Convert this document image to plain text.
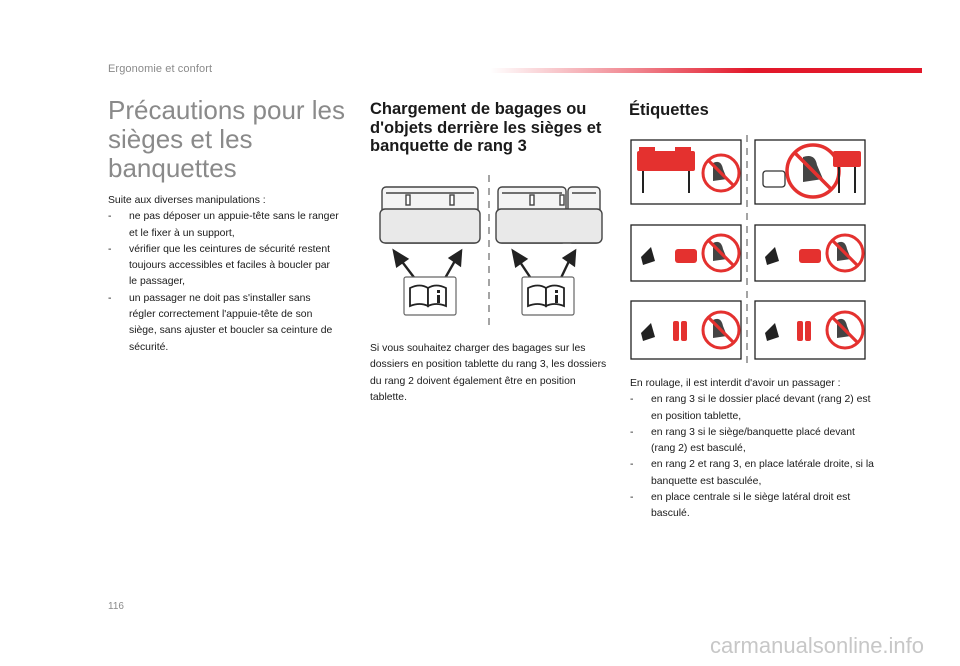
Ergonomie et confort
Précautions pour les sièges et les banquettes

Suite aux diverses manipulations :

- ne pas déposer un appuie-tête sans le ranger et le fixer à un support,
- vérifier que les ceintures de sécurité restent toujours accessibles et faciles à boucler par le passager,
- un passager ne doit pas s'installer sans régler correctement l'appuie-tête de son siège, sans ajuster et boucler sa ceinture de sécurité.
Chargement de bagages ou d'objets derrière les sièges et banquette de rang 3

Si vous souhaitez charger des bagages sur les dossiers en position tablette du rang 3, les dossiers du rang 2 doivent également être en position tablette.

Étiquettes

En roulage, il est interdit d'avoir un passager :

- en rang 3 si le dossier placé devant (rang 2) est en position tablette,
- en rang 3 si le siège/banquette placé devant (rang 2) est basculé,
- en rang 2 et rang 3, en place latérale droite, si la banquette est basculée,
- en place centrale si le siège latéral droit est basculé.
116
carmanualsonline.info
